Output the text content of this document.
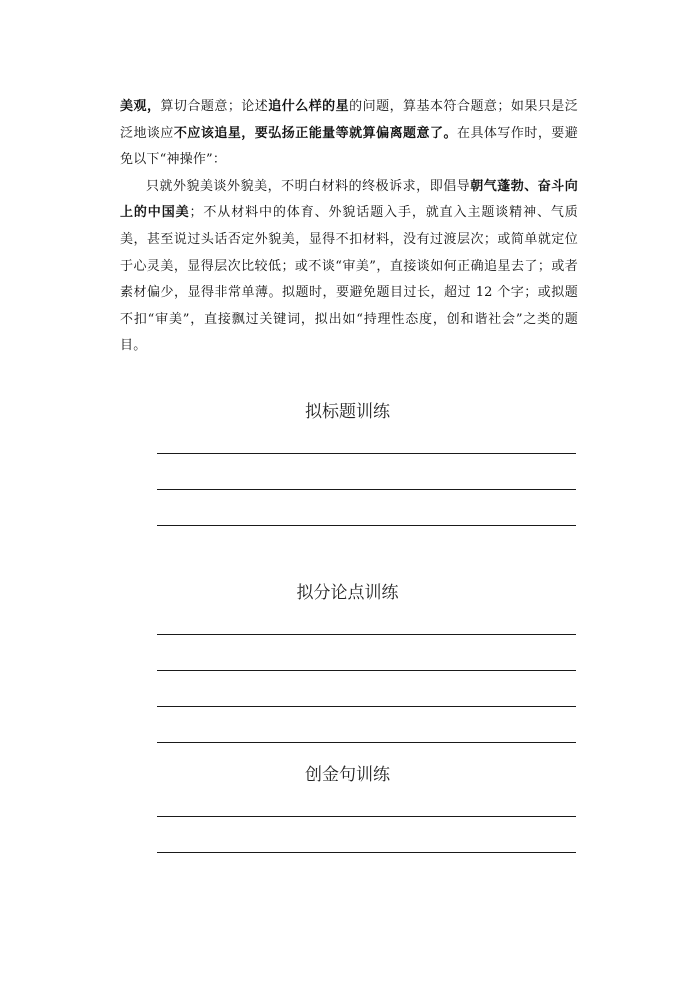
美观，算切合题意；论述追什么样的星的问题，算基本符合题意；如果只是泛泛地谈应不应该追星，要弘扬正能量等就算偏离题意了。在具体写作时，要避免以下“神操作”：

只就外貌美谈外貌美，不明白材料的终极诉求，即倡导朝气蓬勃、奋斗向上的中国美；不从材料中的体育、外貌话题入手，就直入主题谈精神、气质美，甚至说过头话否定外貌美，显得不扣材料，没有过渡层次；或简单就定位于心灵美，显得层次比较低；或不谈“审美”，直接谈如何正确追星去了；或者素材偏少，显得非常单薄。拟题时，要避免题目过长，超过 12 个字；或拟题不扣“审美”，直接飘过关键词，拟出如“持理性态度，创和谐社会”之类的题目。

拟标题训练
拟分论点训练
创金句训练
